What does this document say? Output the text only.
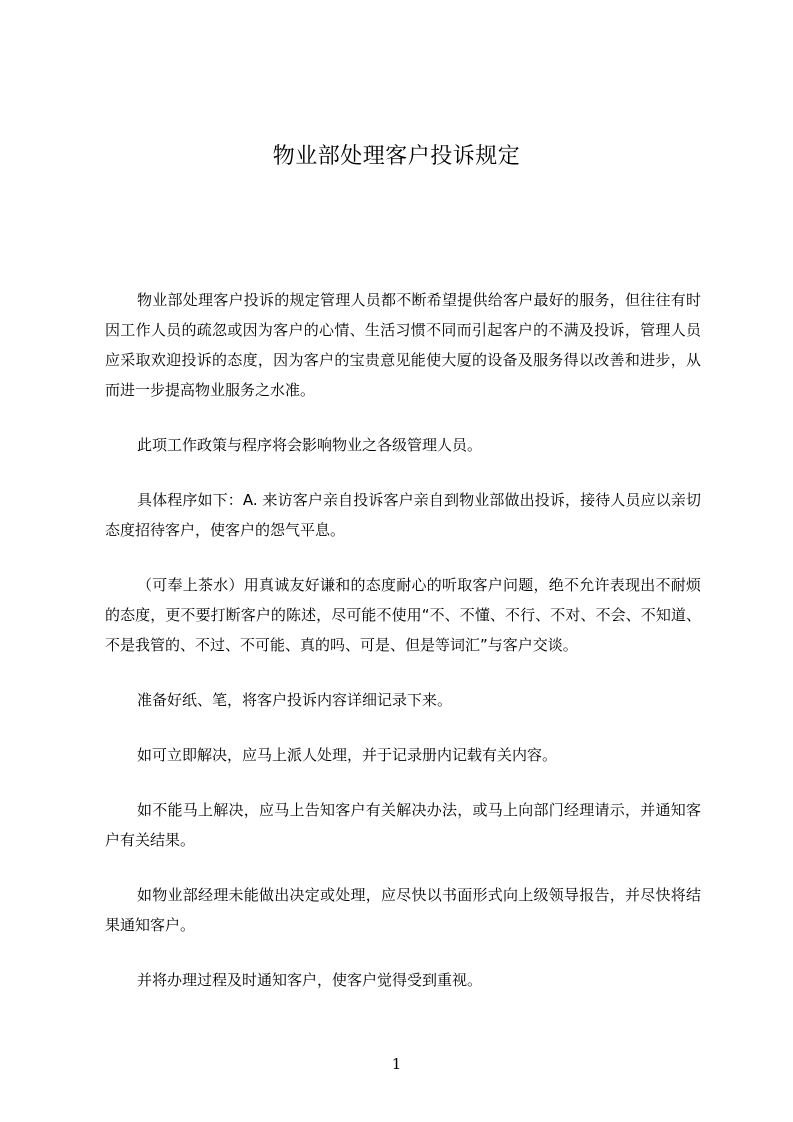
物业部处理客户投诉规定

物业部处理客户投诉的规定管理人员都不断希望提供给客户最好的服务，但往往有时因工作人员的疏忽或因为客户的心情、生活习惯不同而引起客户的不满及投诉，管理人员应采取欢迎投诉的态度，因为客户的宝贵意见能使大厦的设备及服务得以改善和进步，从而进一步提高物业服务之水准。

此项工作政策与程序将会影响物业之各级管理人员。

具体程序如下：A. 来访客户亲自投诉客户亲自到物业部做出投诉，接待人员应以亲切态度招待客户，使客户的怨气平息。

（可奉上茶水）用真诚友好谦和的态度耐心的听取客户问题，绝不允许表现出不耐烦的态度，更不要打断客户的陈述，尽可能不使用“不、不懂、不行、不对、不会、不知道、不是我管的、不过、不可能、真的吗、可是、但是等词汇”与客户交谈。

准备好纸、笔，将客户投诉内容详细记录下来。

如可立即解决，应马上派人处理，并于记录册内记载有关内容。

如不能马上解决，应马上告知客户有关解决办法，或马上向部门经理请示，并通知客户有关结果。

如物业部经理未能做出决定或处理，应尽快以书面形式向上级领导报告，并尽快将结果通知客户。

并将办理过程及时通知客户，使客户觉得受到重视。

1
